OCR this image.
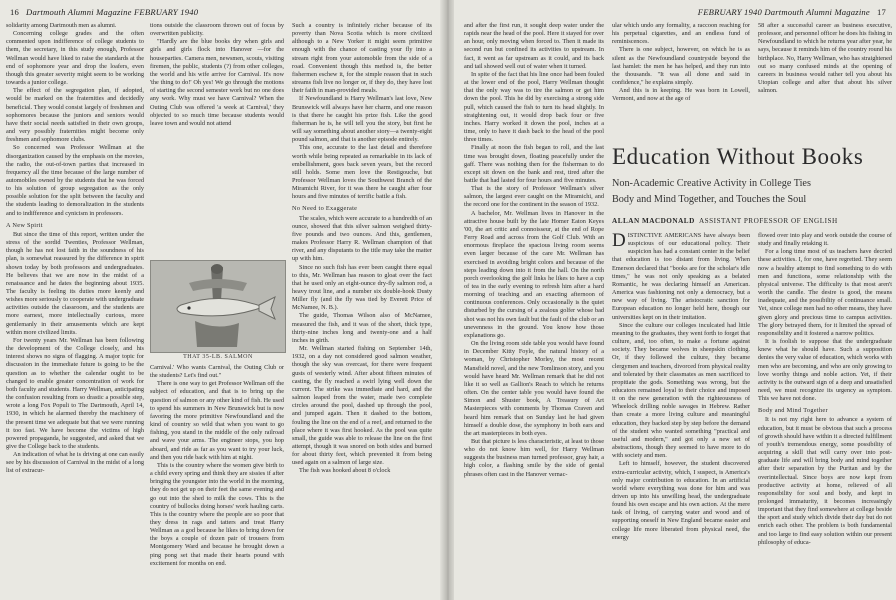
16 Dartmouth Alumni Magazine FEBRUARY 1940

solidarity among Dartmouth men as alumni.

Concerning college grades and the often commented upon indifference of college students to them, the secretary, in this study enough, Professor Wellman would have liked to raise the standards at the end of sophomore year and drop the loafers, even though this greater severity might seem to be working towards a junior college.

The effect of the segregation plan, if adopted, would be marked on the fraternities and decidedly beneficial. They would consist largely of freshmen and sophomores because the juniors and seniors would have their social needs satisfied in their own groups, and very possibly fraternities might become only freshmen and sophomore clubs.

So concerned was Professor Wellman at the disorganization caused by the emphasis on the movies, the radio, the out-of-town parties that increased in frequency all the time because of the large number of automobiles owned by the students that he was forced to his solution of group segregation as the only possible solution for the split between the faculty and the students leading to demoralization in the students and to indifference and cynicism in professors.

A New Spirit

But since the time of this report, written under the stress of the sordid Twenties, Professor Wellman, though he has not lost faith in the soundness of his plan, is somewhat reassured by the difference in spirit shown today by both professors and undergraduates. He believes that we are now in the midst of a renaissance and he dates the beginning about 1935. The faculty is feeling its duties more keenly and wishes more seriously to cooperate with undergraduate activities outside the classroom, and the students are more earnest, more intellectually curious, more gentlemanly in their amusements which are kept within more civilized limits.

For twenty years Mr. Wellman has been following the development of the College closely, and his interest shows no signs of flagging. A major topic for discussion in the immediate future is going to be the question as to whether the calendar ought to be changed to enable greater concentration of work for both faculty and students. Harry Wellman, anticipating the confusion resulting from so drastic a possible step, wrote a long Fox Populi to The Dartmouth, April 14, 1930, in which he alarmed thereby the machinery of the present time we adequate but that we were running it too fast. We have become the victims of high powered propaganda, he suggested, and asked that we give the College back to the students.

An indication of what he is driving at one can easily see by his discussion of Carnival in the midst of a long list of extracur-

tions outside the classroom thrown out of focus by overwritten publicity.

"Hardly are the blue books dry when girls and girls and girls flock into Hanover —for the houseparties. Camera men, newsmen, scouts, visiting firemen, the public, students (?) from other colleges, the world and his wife arrive for Carnival. It's now 'the thing to do!' Oh yes! We go through the motions of starting the second semester work but no one does any work. Why must we have Carnival? When the Outing Club was offered 'a week at Carnival,' they objected to so much time because students would leave town and would not attend

THAT 35-LB. SALMON

Carnival.' Who wants Carnival, the Outing Club or the students? Let's find out."

There is one way to get Professor Wellman off the subject of education, and that is to bring up the question of salmon or any other kind of fish. He used to spend his summers in New Brunswick but is now favoring the more primitive Newfoundland and the kind of country so wild that when you want to go fishing, you stand in the middle of the only railroad and wave your arms. The engineer stops, you hop aboard, and ride as far as you want to try your luck, and then you ride back with him at night.

This is the country where the women give birth to a child every spring and think they are sissies if after bringing the youngster into the world in the morning, they do not get up on their feet the same evening and go out into the shed to milk the cows. This is the country of bullocks doing horses' work hauling carts. This is the country where the people are so poor that they dress in rags and tatters and treat Harry Wellman as a god because he likes to bring down for the boys a couple of dozen pair of trousers from Montgomery Ward and because he brought down a ping pong set that made their hearts pound with excitement for months on end.

Such a country is infinitely richer because of its poverty than Nova Scotia which is more civilized although to a New Yorker it might seem primitive enough with the chance of casting your fly into a stream right from your automobile from the side of a road. Convenient though this method is, the better fishermen eschew it, for the simple reason that in such streams fish live no longer or, if they do, they have lost their faith in man-provided meals.

If Newfoundland is Harry Wellman's last love, New Brunswick will always have her charm, and one reason is that there he caught his prize fish. Like the good fisherman he is, he will tell you the story, but first he will say something about another story—a twenty-eight pound salmon, and that is another episode entirely.

This one, accurate to the last detail and therefore worth while being repeated as remarkable in its lack of embellishment, goes back seven years, but the record still holds. Some men love the Restigouche, but Professor Wellman loves the Southwest Branch of the Miramichi River, for it was there he caught after four hours and five minutes of terrific battle a fish.

No Need to Exaggerate

The scales, which were accurate to a hundredth of an ounce, showed that this silver salmon weighed thirty-five pounds and two ounces. And this, gentlemen, makes Professor Harry R. Wellman champion of that river, and any disputants to the title may take the matter up with him.

Since no such fish has ever been caught there equal to this, Mr. Wellman has reason to gloat over the fact that he used only an eight-ounce dry-fly salmon rod, a heavy trout line, and a number six double-hook Dusty Miller fly (and the fly was tied by Everett Price of McNamee, N. B.).

The guide, Thomas Wilson also of McNamee, measured the fish, and it was of the short, thick type, thirty-nine inches long and twenty-one and a half inches in girth.

Mr. Wellman started fishing on September 14th, 1932, on a day not considered good salmon weather, though the sky was overcast, for there were frequent gusts of westerly wind. After about fifteen minutes of casting, the fly reached a swirl lying well down the current. The strike was immediate and hard, and the salmon leaped from the water, made two complete circles around the pool, dashed up through the pool, and jumped again. Then it dashed to the bottom, fouling the line on the end of a reef, and returned to the place where it was first hooked. As the pool was quite small, the guide was able to release the line on the first attempt, though it was snored on both sides and burned for about thirty feet, which prevented it from being used again on a salmon of large size.

The fish was hooked about 8 o'clock

FEBRUARY 1940 Dartmouth Alumni Magazine 17

and after the first run, it sought deep water under the rapids near the head of the pool. Here it stayed for over an hour, only moving when forced to. Then it made its second run but confined its activities to upstream. In fact, it went as far upstream as it could, and its back and tail showed well out of water when it turned.

In spite of the fact that his line once had been fouled at the lower end of the pool, Harry Wellman thought that the only way was to tire the salmon or get him down the pool. This he did by exercising a strong side pull, which caused the fish to turn its head slightly. In straightening out, it would drop back four or five inches. Harry worked it down the pool, inches at a time, only to have it dash back to the head of the pool three times.

Finally at noon the fish began to roll, and the last time was brought down, floating peacefully under the gaff. There was nothing then for the fisherman to do except sit down on the bank and rest, tired after the battle that had lasted for four hours and five minutes.

That is the story of Professor Wellman's silver salmon, the largest ever caught on the Miramichi, and the record one for the continent in the season of 1932.

A bachelor, Mr. Wellman lives in Hanover in the attractive house built by the late Homer Eaton Keyes '00, the art critic and connoisseur, at the end of Rope Ferry Road and across from the Golf Club. With an enormous fireplace the spacious living room seems even larger because of the care Mr. Wellman has exercised in avoiding bright colors and because of the steps leading down into it from the hall. On the north porch overlooking the golf links he likes to have a cup of tea in the early evening to refresh him after a hard morning of teaching and an exacting afternoon of continuous conferences. Only occasionally is the quiet disturbed by the cursing of a zealous golfer whose bad shot was not his own fault but the fault of the club or an unevenness in the ground. You know how those explanations go.

On the living room side table you would have found in December Kitty Foyle, the natural history of a woman, by Christopher Morley, the most recent Mansfield novel, and the new Tomlinson story, and you would have heard Mr. Wellman remark that he did not like it so well as Gallion's Reach to which he returns often. On the center table you would have found the Simon and Shuster book, A Treasury of Art Masterpieces with comments by Thomas Craven and heard him remark that on Sunday last he had given himself a double dose, the symphony in both ears and the art masterpieces in both eyes.

But that picture is less characteristic, at least to those who do not know him well, for Harry Wellman suggests the business man turned professor, gray hair, a high color, a flashing smile by the side of genial phrases often cast in the Hanover vernac-

ular which undo any formality, a raccoon reaching for his perpetual cigarettes, and an endless fund of reminiscences.

There is one subject, however, on which he is as silent as the Newfoundland countryside beyond the last hamlet: the men he has helped, and they run into the thousands. "It was all done and said in confidence," he explains simply.

And this is in keeping. He was born in Lowell, Vermont, and now at the age of

58 after a successful career as business executive, professor, and personnel officer he does his fishing in Newfoundland to which he returns year after year, he says, because it reminds him of the country round his birthplace. No, Harry Wellman, who has straightened out so many confused minds at the opening of careers in business would rather tell you about his Utopian college and after that about his silver salmon.

Education Without Books
Non-Academic Creative Activity in College Ties
Body and Mind Together, and Touches the Soul
ALLAN MACDONALD ASSISTANT PROFESSOR OF ENGLISH

DISTINCTIVE AMERICANS have always been suspicious of our educational policy. Their suspicion has had a constant center in the belief that education is too distant from living. When Emerson declared that "books are for the scholar's idle times," he was not only speaking as a belated Romantic, he was declaring himself an American. America was fashioning not only a democracy, but a new way of living. The aristocratic sanction for European education no longer held here, though our universities kept on in their imitation.

Since the culture our colleges inculcated had little meaning to the graduates, they went forth to forget that culture, and, too often, to make a fortune against society. They became wolves in sheepskin clothing. Or, if they followed the culture, they became clergymen and teachers, divorced from physical reality and tolerated by their classmates as men sacrificed to propitiate the gods. Something was wrong, but the educators remained loyal to their choice and imposed it on the new generation with the righteousness of Wheelock drilling noble savages in Hebrew. Rather than create a more living culture and meaningful education, they backed step by step before the demand of the student who wanted something "practical and useful and modern," and got only a new set of abstractions, though they seemed to have more to do with society and men.

Left to himself, however, the student discovered extra-curricular activity, which, I suspect, is America's only major contribution to education. In an artificial world where everything was done for him and was driven up into his unwilling head, the undergraduate found his own escape and his own action. At the mere task of living, of carrying water and wood and of supporting oneself in New England became easier and college life more liberated from physical need, the energy

flowed over into play and work outside the course of study and finally retaking it.

For a long time most of us teachers have decried these activities. I, for one, have regretted. They seem now a healthy attempt to find something to do with men and functions, some relationship with the physical universe. The difficulty is that most aren't worth the candle. The desire is good, the means inadequate, and the possibility of continuance small. Yet, since college men had no other means, they have given glory and precious time to campus activities. The glory betrayed them, for it limited the spread of responsibility and it fostered a narrow politics.

It is foolish to suppose that the undergraduate knew what he should have. Such a supposition denies the very value of education, which works with men who are becoming, and who are only growing to love worthy things and noble action. Yet, if their activity is the outward sign of a deep and unsatisfied need, we must recognize its urgency as symptom. This we have not done.

Body and Mind Together

It is not my right here to advance a system of education, but it must be obvious that such a process of growth should have within it a directed fulfillment of youth's tremendous energy, some possibility of acquiring a skill that will carry over into post-graduate life and will bring body and mind together after their separation by the Puritan and by the overintellectual. Since boys are now kept from productive activity at home, relieved of all responsibility for soul and body, and kept in prolonged immaturity, it becomes increasingly important that they find somewhere at college beside the sport and study which divide their day but do not enrich each other. The problem is both fundamental and too large to find easy solution within our present philosophy of educa-
